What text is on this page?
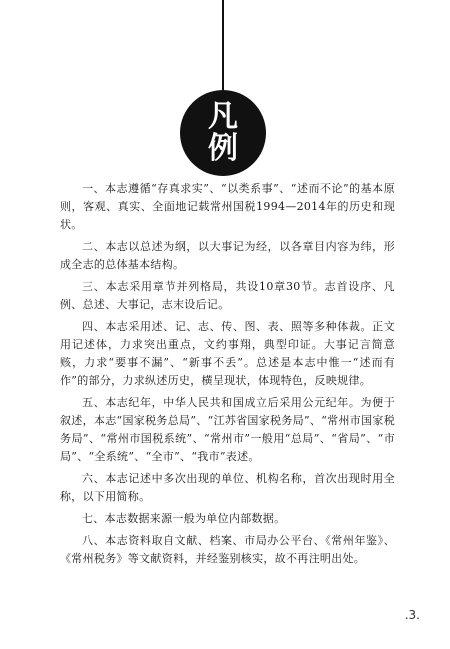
凡
例

一、本志遵循“存真求实”、“以类系事”、“述而不论”的基本原则，客观、真实、全面地记载常州国税1994—2014年的历史和现状。

二、本志以总述为纲，以大事记为经，以各章目内容为纬，形成全志的总体基本结构。

三、本志采用章节并列格局，共设10章30节。志首设序、凡例、总述、大事记，志末设后记。

四、本志采用述、记、志、传、图、表、照等多种体裁。正文用记述体，力求突出重点，文约事翔，典型印证。大事记言简意赅，力求“要事不漏”、“新事不丢”。总述是本志中惟一“述而有作”的部分，力求纵述历史，横呈现状，体现特色，反映规律。

五、本志纪年，中华人民共和国成立后采用公元纪年。为便于叙述，本志“国家税务总局”、“江苏省国家税务局”、“常州市国家税务局”、“常州市国税系统”、“常州市”一般用“总局”、“省局”、“市局”、“全系统”、“全市”、“我市”表述。

六、本志记述中多次出现的单位、机构名称，首次出现时用全称，以下用简称。

七、本志数据来源一般为单位内部数据。

八、本志资料取自文献、档案、市局办公平台、《常州年鉴》、《常州税务》等文献资料，并经鉴别核实，故不再注明出处。

.3.
